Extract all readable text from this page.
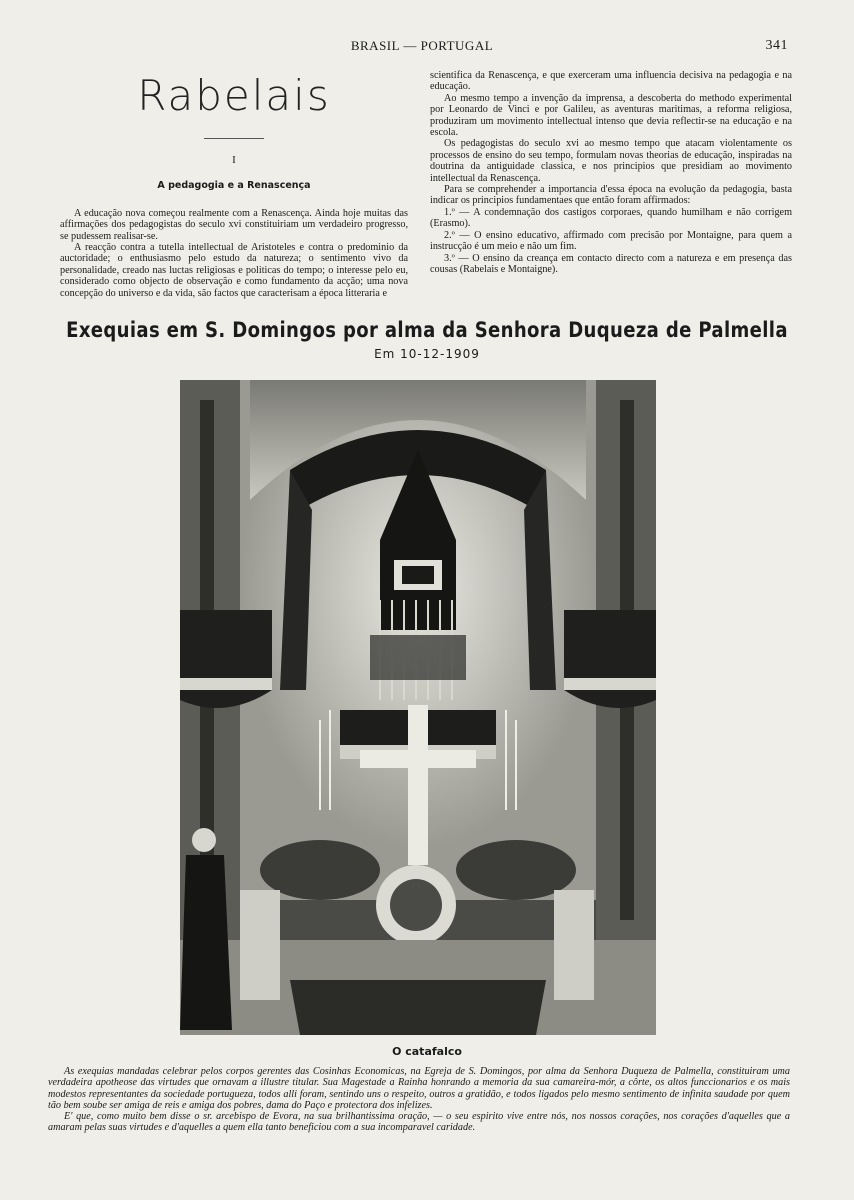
BRASIL — PORTUGAL	341
Rabelais
I
A pedagogia e a Renascença

A educação nova começou realmente com a Renascença. Ainda hoje muitas das affirmações dos pedagogistas do seculo xvi constituiriam um verdadeiro progresso, se pudessem realisar-se.

A reacção contra a tutella intellectual de Aristoteles e contra o predominio da auctoridade; o enthusiasmo pelo estudo da natureza; o sentimento vivo da personalidade, creado nas luctas religiosas e politicas do tempo; o interesse pelo eu, considerado como objecto de observação e como fundamento da acção; uma nova concepção do universo e da vida, são factos que caracterisam a época litteraria e

scientifica da Renascença, e que exerceram uma influencia decisiva na pedagogia e na educação.

Ao mesmo tempo a invenção da imprensa, a descoberta do methodo experimental por Leonardo de Vinci e por Galileu, as aventuras maritimas, a reforma religiosa, produziram um movimento intellectual intenso que devia reflectir-se na educação e na escola.

Os pedagogistas do seculo xvi ao mesmo tempo que atacam violentamente os processos de ensino do seu tempo, formulam novas theorias de educação, inspiradas na doutrina da antiguidade classica, e nos principios que presidiam ao movimento intellectual da Renascença.

Para se comprehender a importancia d'essa época na evolução da pedagogia, basta indicar os principios fundamentaes que então foram affirmados:

1.º — A condemnação dos castigos corporaes, quando humilham e não corrigem (Erasmo).

2.º — O ensino educativo, affirmado com precisão por Montaigne, para quem a instrucção é um meio e não um fim.

3.º — O ensino da creança em contacto directo com a natureza e em presença das cousas (Rabelais e Montaigne).

Exequias em S. Domingos por alma da Senhora Duqueza de Palmella
Em 10-12-1909
O catafalco

As exequias mandadas celebrar pelos corpos gerentes das Cosinhas Economicas, na Egreja de S. Domingos, por alma da Senhora Duqueza de Palmella, constituiram uma verdadeira apotheose das virtudes que ornavam a illustre titular. Sua Magestade a Rainha honrando a memoria da sua camareira-mór, a côrte, os altos funccionarios e os mais modestos representantes da sociedade portugueza, todos alli foram, sentindo uns o respeito, outros a gratidão, e todos ligados pelo mesmo sentimento de infinita saudade por quem tão bem soube ser amiga de reis e amiga dos pobres, dama do Paço e protectora dos infelizes.

E' que, como muito bem disse o sr. arcebispo de Evora, na sua brilhantissima oração, — o seu espirito vive entre nós, nos nossos corações, nos corações d'aquelles que a amaram pelas suas virtudes e d'aquelles a quem ella tanto beneficiou com a sua incomparavel caridade.
